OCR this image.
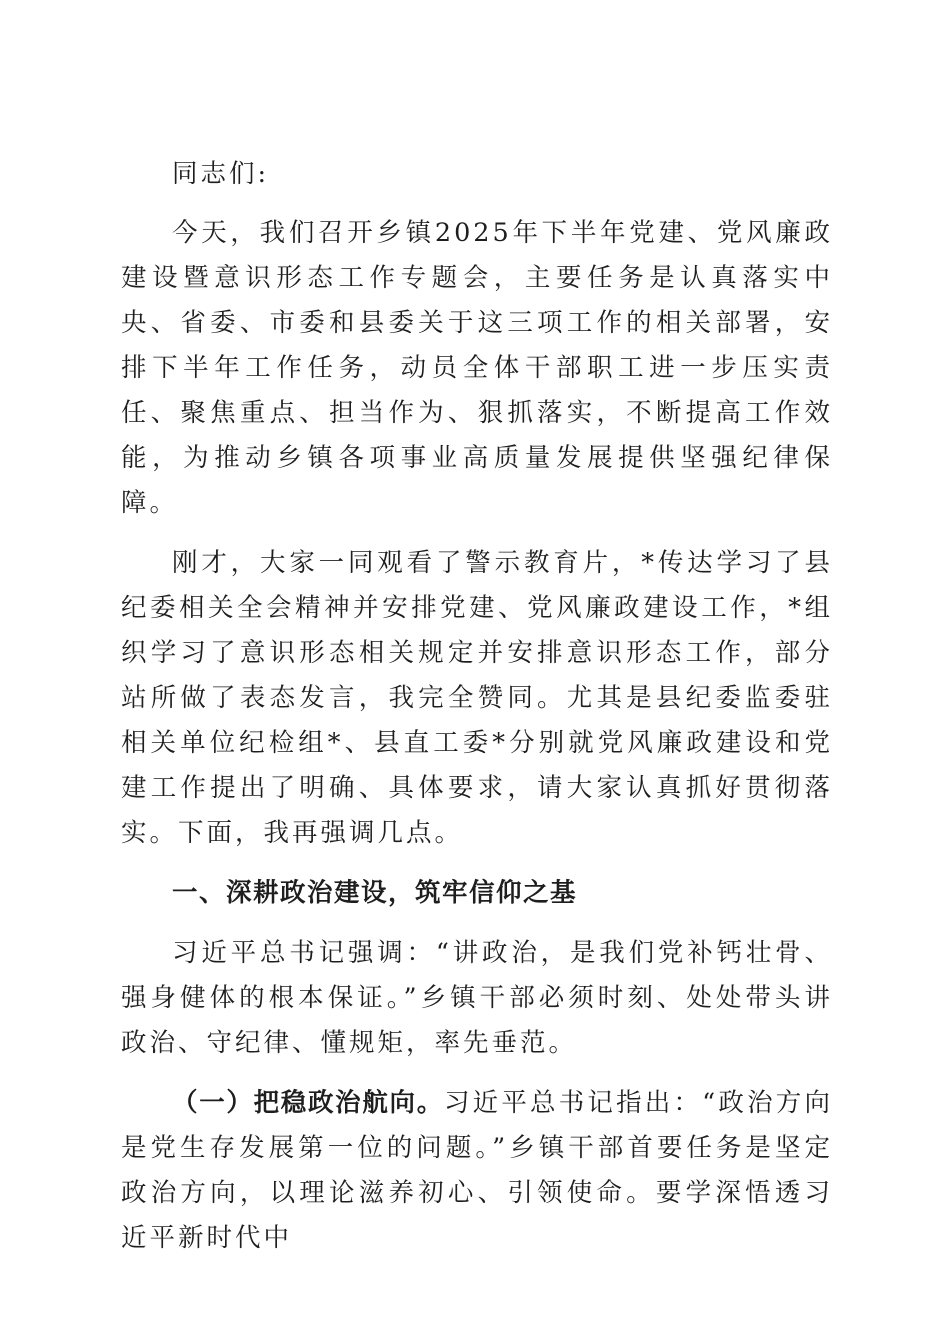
同志们:

今天，我们召开乡镇2025年下半年党建、党风廉政建设暨意识形态工作专题会，主要任务是认真落实中央、省委、市委和县委关于这三项工作的相关部署，安排下半年工作任务，动员全体干部职工进一步压实责任、聚焦重点、担当作为、狠抓落实，不断提高工作效能，为推动乡镇各项事业高质量发展提供坚强纪律保障。

刚才，大家一同观看了警示教育片，*传达学习了县纪委相关全会精神并安排党建、党风廉政建设工作，*组织学习了意识形态相关规定并安排意识形态工作，部分站所做了表态发言，我完全赞同。尤其是县纪委监委驻相关单位纪检组*、县直工委*分别就党风廉政建设和党建工作提出了明确、具体要求，请大家认真抓好贯彻落实。下面，我再强调几点。

一、深耕政治建设，筑牢信仰之基

习近平总书记强调：“讲政治，是我们党补钙壮骨、强身健体的根本保证。”乡镇干部必须时刻、处处带头讲政治、守纪律、懂规矩，率先垂范。

（一）把稳政治航向。习近平总书记指出：“政治方向是党生存发展第一位的问题。”乡镇干部首要任务是坚定政治方向，以理论滋养初心、引领使命。要学深悟透习近平新时代中
